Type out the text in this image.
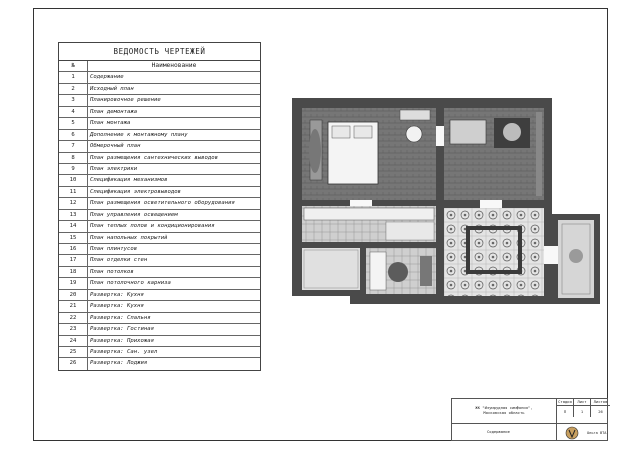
ВЕДОМОСТЬ ЧЕРТЕЖЕЙ
№	Наименование
1	Содержание
2	Исходный план
3	Планировочное решение
4	План демонтажа
5	План монтажа
6	Дополнение к монтажному плану
7	Обмерочный план
8	План размещения сантехнических выводов
9	План электрики
10	Спецификация механизмов
11	Спецификация электровыводов
12	План размещения осветительного оборудования
13	План управления освещением
14	План теплых полов и кондиционирования
15	План напольных покрытий
16	План плинтусов
17	План отделки стен
18	План потолков
19	План потолочного карниза
20	Развертка: Кухня
21	Развертка: Кухня
22	Развертка: Спальня
23	Развертка: Гостиная
24	Развертка: Прихожая
25	Развертка: Сан. узел
26	Развертка: Лоджия
ЖК "Изумрудная симфония",
Московская область
Содержание
Стадия
П
Лист
1
Листов
26
Ольга ВТА
